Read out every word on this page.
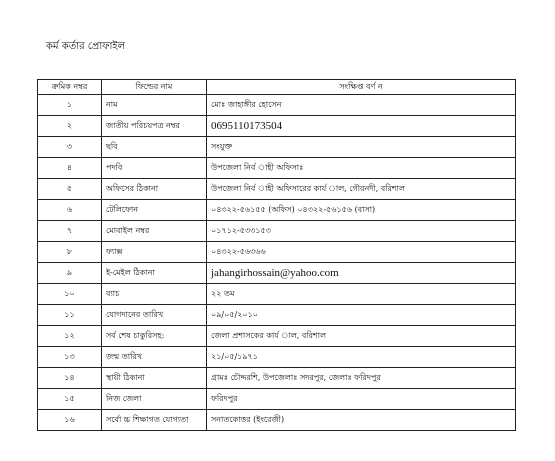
কর্ম কর্তার প্রোফাইল
ক্রমিক নম্বর	ফিল্ডের নাম	সংক্ষিপ্ত বর্ণ ন
১	নাম	মোঃ জাহাঙ্গীর হোসেন
২	জাতীয় পরিচয়পত্র নম্বর	0695110173504
৩	ছবি	সংযুক্ত
৪	পদবি	উপজেলা নির্ব াহী অফিসাঃ
৫	অফিসের ঠিকানা	উপজেলা নির্ব াহী অফিসারের কার্য াল, গৌরনদী, বরিশাল
৬	টেলিফোন	০৪৩২২-৫৬১৫৫ (অফিস) ০৪৩২২-৫৬১৫৬ (বাসা)
৭	মোবাইল নম্বর	০১৭১২-৫৩৩১৫৩
৮	ফ্যাক্স	০৪৩২২-৫৬৩৬৬
৯	ই-মেইল ঠিকানা	jahangirhossain@yahoo.com
১০	ব্যাচ	২২ তম
১১	যোগদানের তারিখ	০৯/০৫/২০১০
১২	সর্ব শেষ চাকুরিসহ:	জেলা প্রশাসকের কার্য াল, বরিশাল
১৩	জন্ম তারিখ	২১/০৫/১৯৭১
১৪	স্থায়ী ঠিকানা	গ্রামঃ চৌদ্দরশি, উপজেলাঃ সদরপুর, জেলাঃ ফরিদপুর
১৫	নিজ জেলা	ফরিদপুর
১৬	সর্বো চ্চ শিক্ষাগত যোগ্যতা	সনাতকোত্তর (ইংরেজী)
